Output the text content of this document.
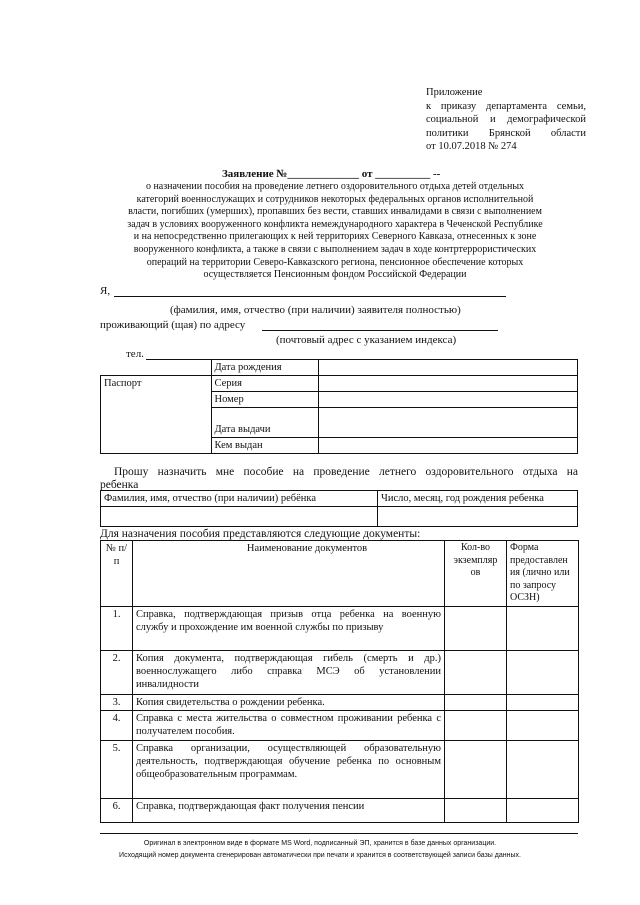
Приложение
к приказу департамента семьи,
социальной и демографической
политики Брянской области
от 10.07.2018 № 274
Заявление №_____________ от __________ --
о назначении пособия на проведение летнего оздоровительного отдыха детей отдельных
категорий военнослужащих и сотрудников некоторых федеральных органов исполнительной
власти, погибших (умерших), пропавших без вести, ставших инвалидами в связи с выполнением
задач в условиях вооруженного конфликта немеждународного характера в Чеченской Республике
и на непосредственно прилегающих к ней территориях Северного Кавказа, отнесенных к зоне
вооруженного конфликта, а также в связи с выполнением задач в ходе контртеррористических
операций на территории Северо-Кавказского региона, пенсионное обеспечение которых
осуществляется Пенсионным фондом Российской Федерации
Я,
(фамилия, имя, отчество (при наличии) заявителя полностью)
проживающий (щая) по адресу
(почтовый адрес с указанием индекса)
тел.
	Дата рождения	
Паспорт	Серия	
	Номер	
	Дата выдачи	
	Кем выдан	
Прошу назначить мне пособие на проведение летнего оздоровительного отдыха на
ребенка
Фамилия, имя, отчество (при наличии) ребёнка	Число, месяц, год рождения ребенка

Для назначения пособия представляются следующие документы:
№ п/п	Наименование документов	Кол-во экземпляр ов	Форма предоставлен ия (лично или по запросу ОСЗН)
1.	Справка, подтверждающая призыв отца ребенка на военную службу и прохождение им военной службы по призыву		
2.	Копия документа, подтверждающая гибель (смерть и др.) военнослужащего либо справка МСЭ об установлении инвалидности		
3.	Копия свидетельства о рождении ребенка.		
4.	Справка с места жительства о совместном проживании ребенка с получателем пособия.		
5.	Справка организации, осуществляющей образовательную деятельность, подтверждающая обучение ребенка по основным общеобразовательным программам.		
6.	Справка, подтверждающая факт получения пенсии		
Оригинал в электронном виде в формате MS Word, подписанный ЭП, хранится в базе данных организации.
Исходящий номер документа сгенерирован автоматически при печати и хранится в соответствующей записи базы данных.
